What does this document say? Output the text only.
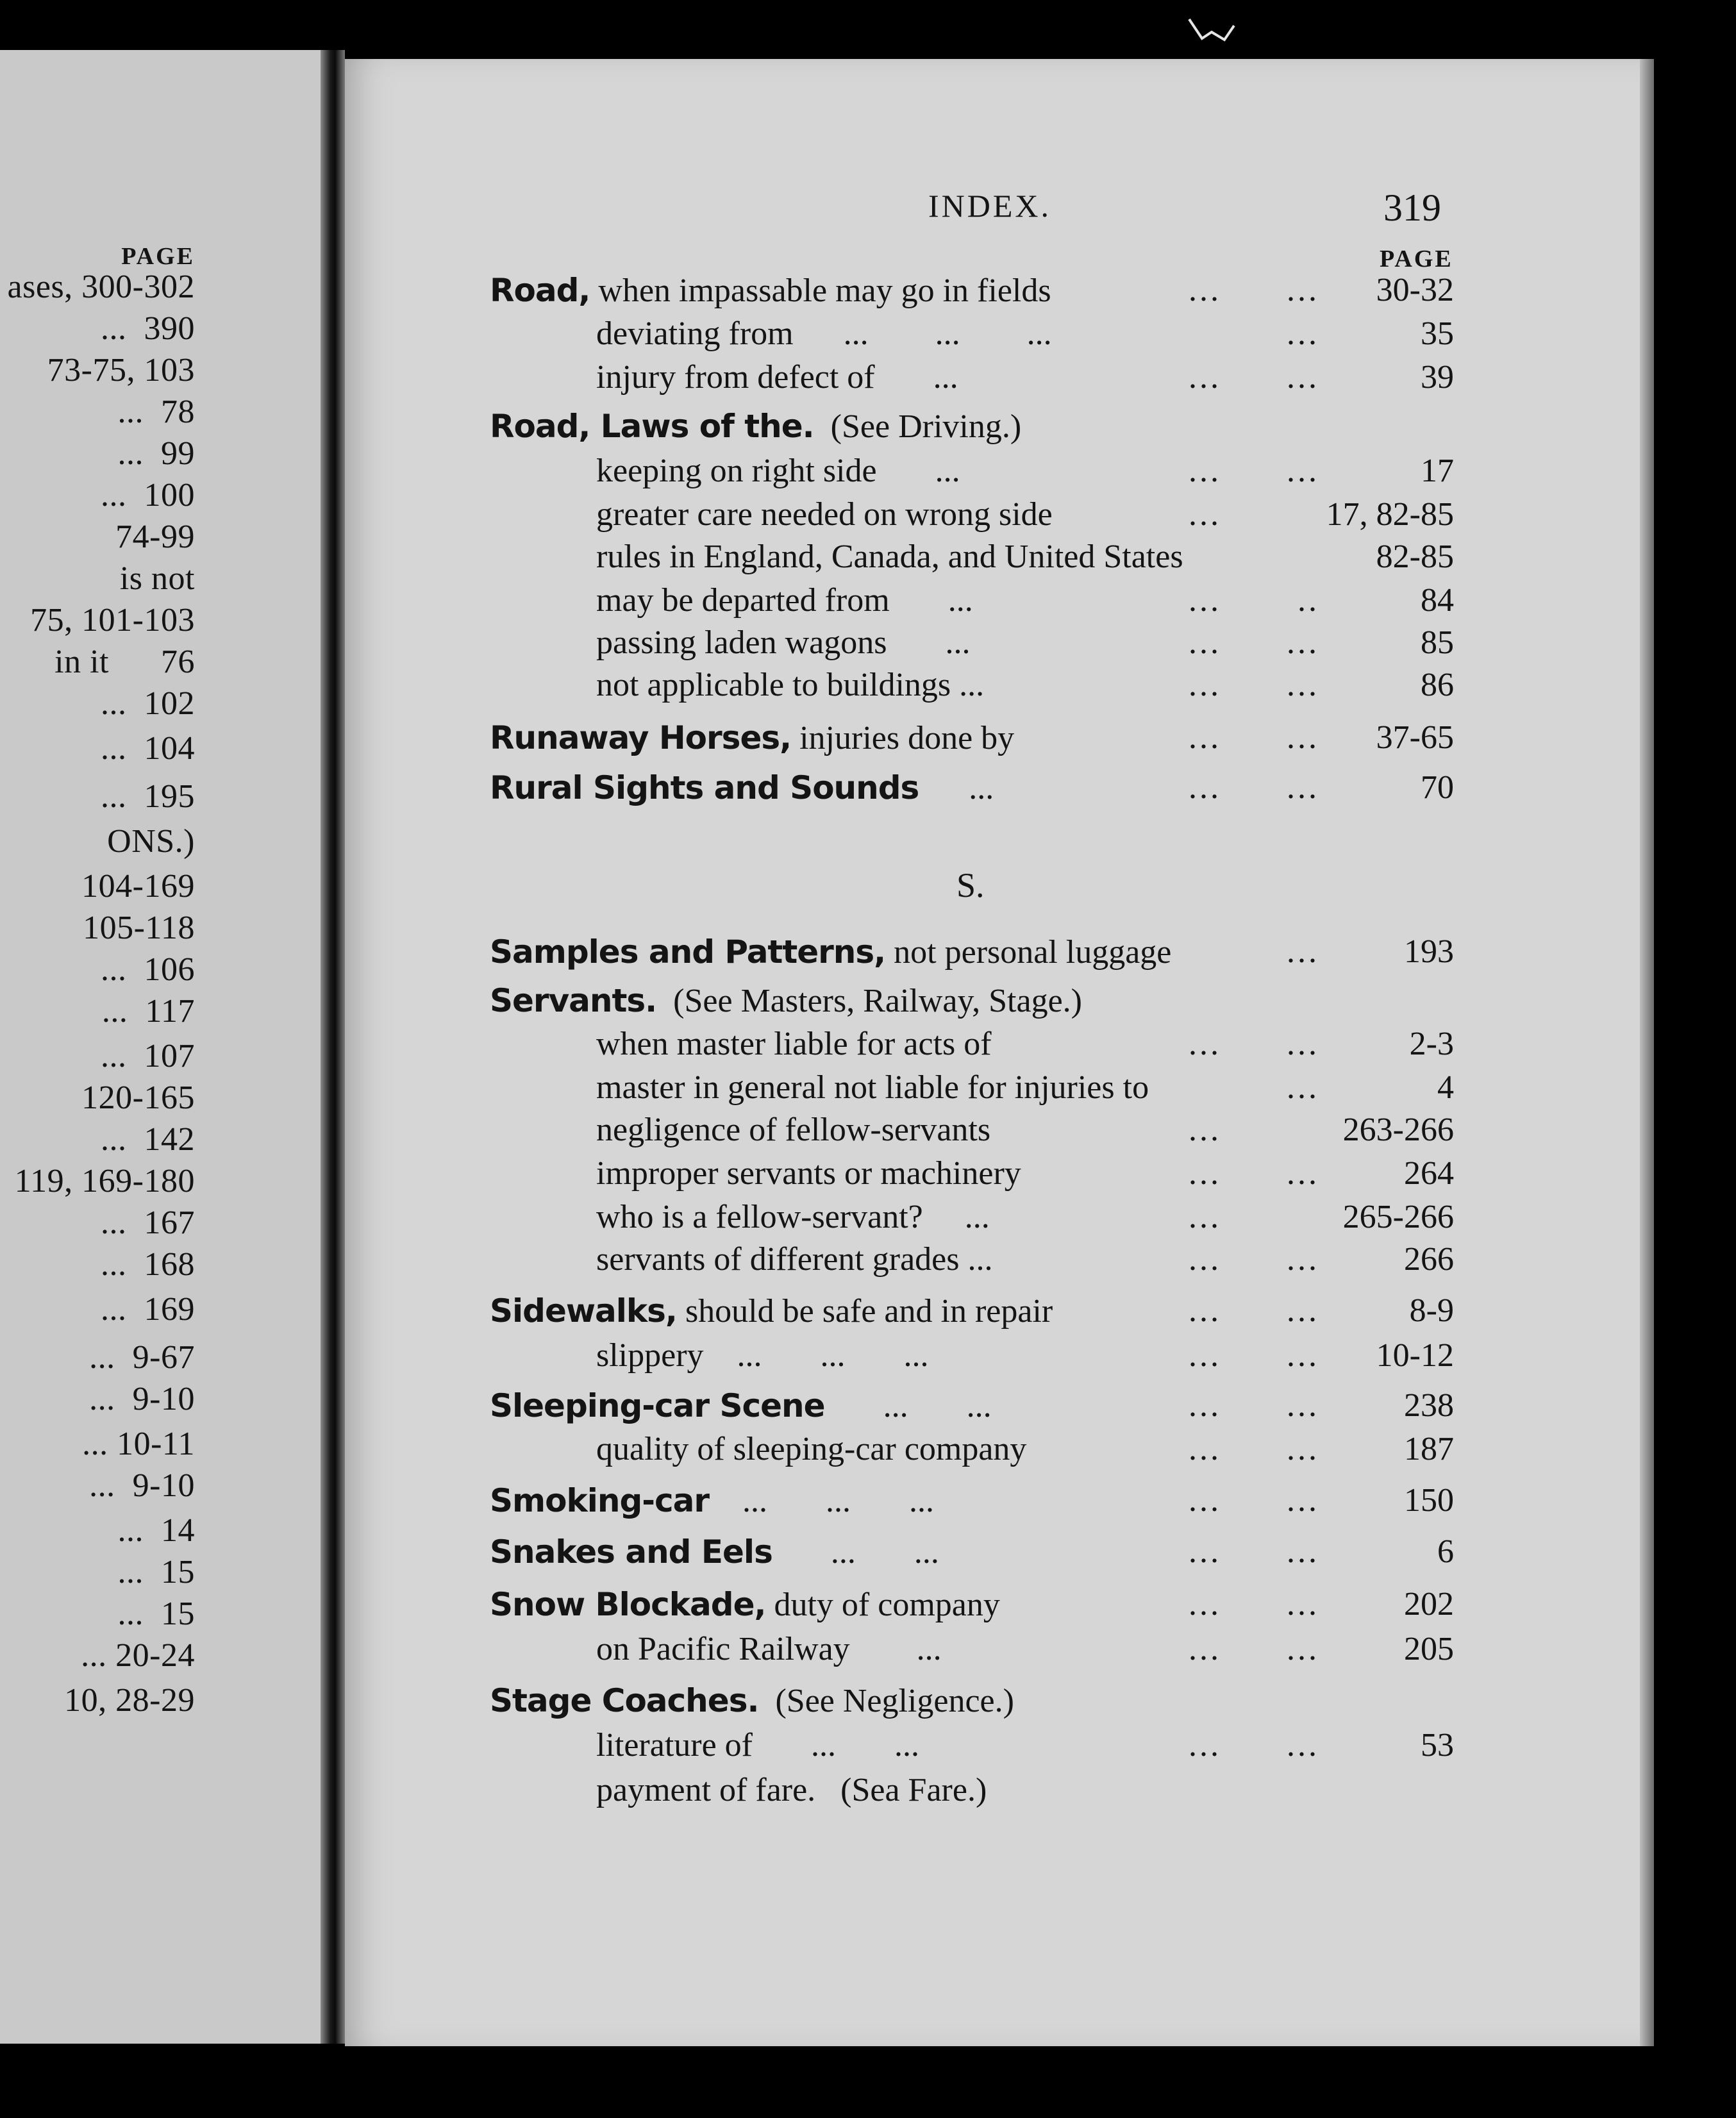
PAGE
ases, 300-302
...  390
73-75, 103
...  78
...  99
...  100
74-99
is not
75, 101-103
in it      76
...  102
...  104
...  195
ONS.)
104-169
105-118
...  106
...  117
...  107
120-165
...  142
119, 169-180
...  167
...  168
...  169
...  9-67
...  9-10
... 10-11
...  9-10
...  14
...  15
...  15
... 20-24
10, 28-29
INDEX.	319
PAGE
S.
Road, when impassable may go in fields	...      ... 30-32
deviating from      ...        ...        ...	...	35
injury from defect of       ...	...      ...	39
Road, Laws of the.  (See Driving.)
keeping on right side       ...	...      ...	17
greater care needed on wrong side	...	17, 82-85
rules in England, Canada, and United States	82-85
may be departed from       ...	...       ..	84
passing laden wagons       ...	...      ...	85
not applicable to buildings ...	...      ...	86
Runaway Horses, injuries done by	...      ... 37-65
Rural Sights and Sounds      ...	...      ...	70
Samples and Patterns, not personal luggage ...	193
Servants.  (See Masters, Railway, Stage.)
when master liable for acts of	...      ...	2-3
master in general not liable for injuries to ...	4
negligence of fellow-servants	...	263-266
improper servants or machinery	...      ...	264
who is a fellow-servant?     ...	...	265-266
servants of different grades ...	...      ...	266
Sidewalks, should be safe and in repair	...      ...	8-9
slippery    ...       ...       ...	...      ... 10-12
Sleeping-car Scene       ...       ...	...      ...	238
quality of sleeping-car company	...      ...	187
Smoking-car    ...       ...       ...	...      ...	150
Snakes and Eels       ...       ...	...      ...	6
Snow Blockade, duty of company	...      ...	202
on Pacific Railway        ...	...      ...	205
Stage Coaches.  (See Negligence.)
literature of       ...       ...	...      ...	53
payment of fare.   (Sea Fare.)
